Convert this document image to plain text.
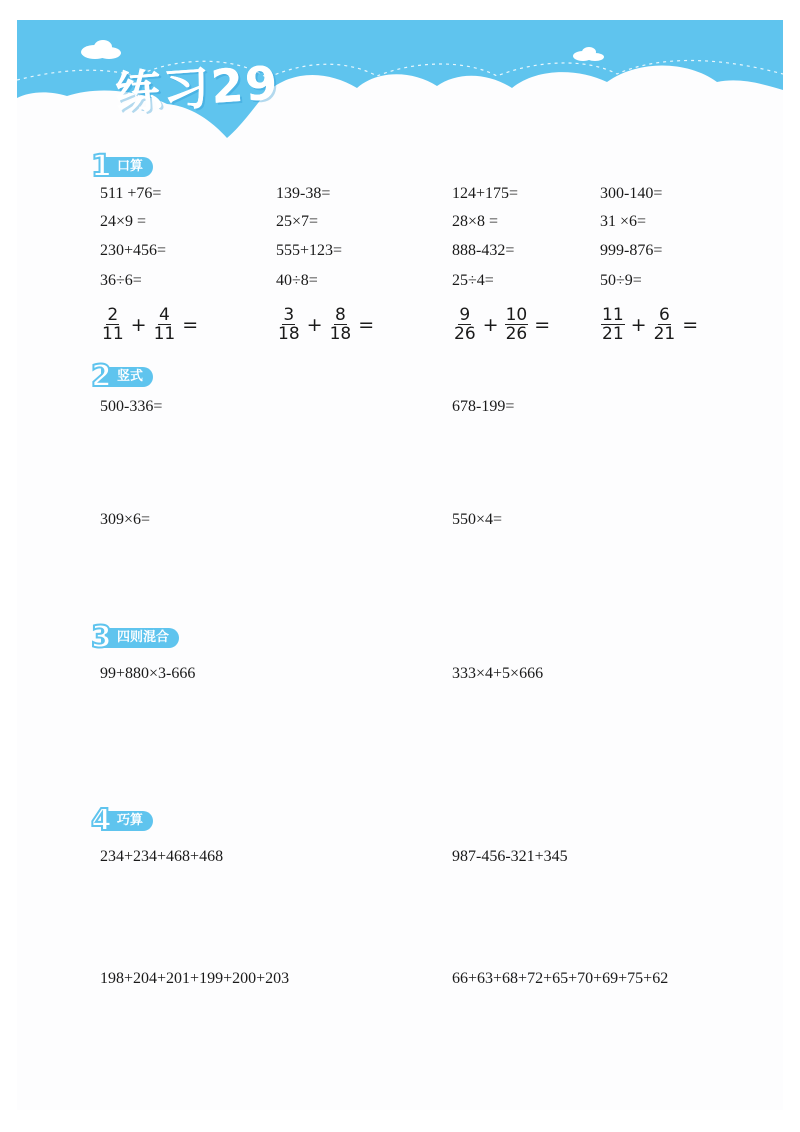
练习29
1 口算
511 +76=	139-38=	124+175=	300-140=
24×9 =	25×7=	28×8 =	31 ×6=
230+456=	555+123=	888-432=	999-876=
36÷6=	40÷8=	25÷4=	50÷9=
$\frac{2}{11} + \frac{4}{11}$ =	$\frac{3}{18} + \frac{8}{18}$ =	$\frac{9}{26} + \frac{10}{26}$ =	$\frac{11}{21} + \frac{6}{21}$ =
2 竖式
500-336=	678-199=
309×6=	550×4=
3 四则混合
99+880×3-666	333×4+5×666
4 巧算
234+234+468+468	987-456-321+345
198+204+201+199+200+203	66+63+68+72+65+70+69+75+62
